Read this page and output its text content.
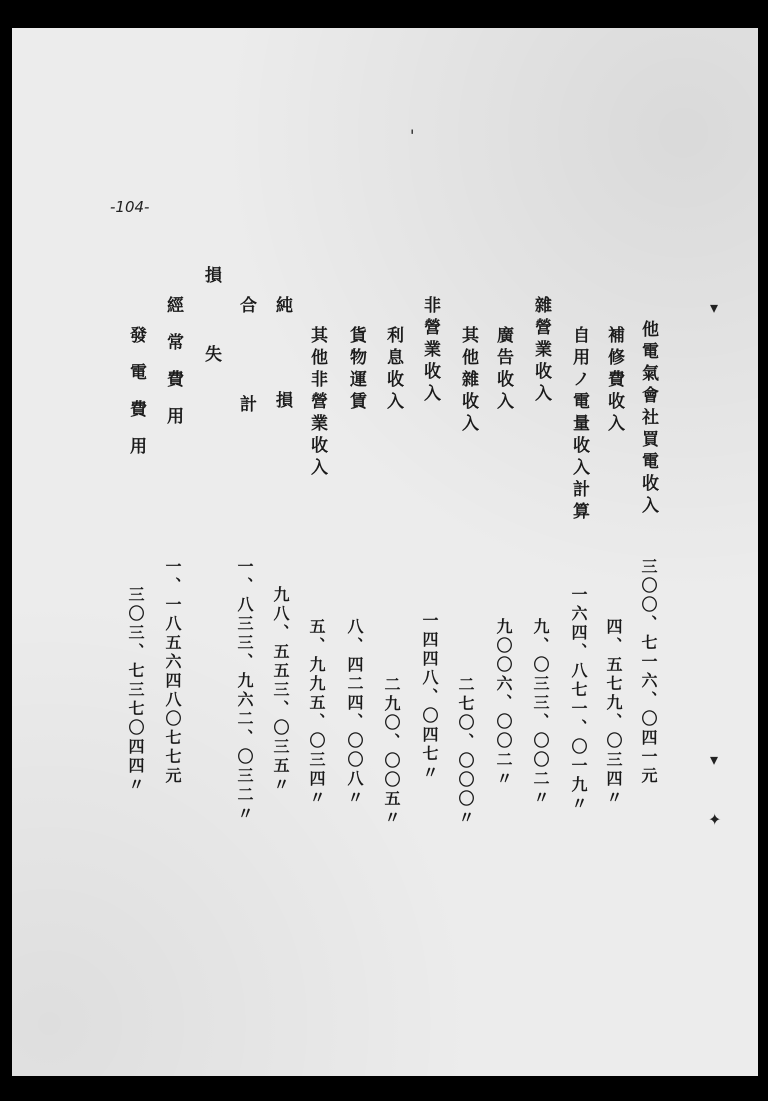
-104-
他電氣會社買電收入
補修費收入
自用ノ電量收入計算
雜營業收入
廣告收入
其他雜收入
非營業收入
利息收入
貨物運賃
其他非營業收入
純損
合計
損失
經常費用
發電費用
三〇〇、七一六、〇四一元
四、五七九、〇三四〃
一六四、八七一、〇一九〃
九、〇三三、〇〇二〃
九〇〇六、〇〇二〃
二七〇、〇〇〇〃
一四四八、〇四七〃
二九〇、〇〇五〃
八、四二四、〇〇八〃
五、九九五、〇三四〃
九八、五五三、〇三五〃
一、八三三、九六二、〇三二〃
一、一八五六四八〇七七元
三〇三、七三七〇四四〃
'
▾
▾
✦
